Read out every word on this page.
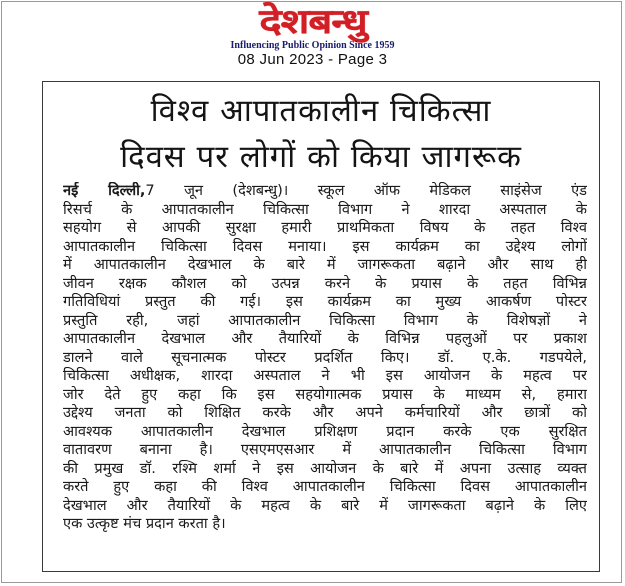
देशबन्धु
Influencing Public Opinion Since 1959
08 Jun 2023 - Page 3
विश्व आपातकालीन चिकित्सा
दिवस पर लोगों को किया जागरूक
नई दिल्ली,7 जून (देशबन्धु)। स्कूल ऑफ मेडिकल साइंसेज एंड
रिसर्च के आपातकालीन चिकित्सा विभाग ने शारदा अस्पताल के
सहयोग से आपकी सुरक्षा हमारी प्राथमिकता विषय के तहत विश्व
आपातकालीन चिकित्सा दिवस मनाया। इस कार्यक्रम का उद्देश्य लोगों
में आपातकालीन देखभाल के बारे में जागरूकता बढ़ाने और साथ ही
जीवन रक्षक कौशल को उत्पन्न करने के प्रयास के तहत विभिन्न
गतिविधियां प्रस्तुत की गई। इस कार्यक्रम का मुख्य आकर्षण पोस्टर
प्रस्तुति रही, जहां आपातकालीन चिकित्सा विभाग के विशेषज्ञों ने
आपातकालीन देखभाल और तैयारियों के विभिन्न पहलुओं पर प्रकाश
डालने वाले सूचनात्मक पोस्टर प्रदर्शित किए। डॉ. ए.के. गडपयेले,
चिकित्सा अधीक्षक, शारदा अस्पताल ने भी इस आयोजन के महत्व पर
जोर देते हुए कहा कि इस सहयोगात्मक प्रयास के माध्यम से, हमारा
उद्देश्य जनता को शिक्षित करके और अपने कर्मचारियों और छात्रों को
आवश्यक आपातकालीन देखभाल प्रशिक्षण प्रदान करके एक सुरक्षित
वातावरण बनाना है। एसएमएसआर में आपातकालीन चिकित्सा विभाग
की प्रमुख डॉ. रश्मि शर्मा ने इस आयोजन के बारे में अपना उत्साह व्यक्त
करते हुए कहा की विश्व आपातकालीन चिकित्सा दिवस आपातकालीन
देखभाल और तैयारियों के महत्व के बारे में जागरूकता बढ़ाने के लिए
एक उत्कृष्ट मंच प्रदान करता है।
